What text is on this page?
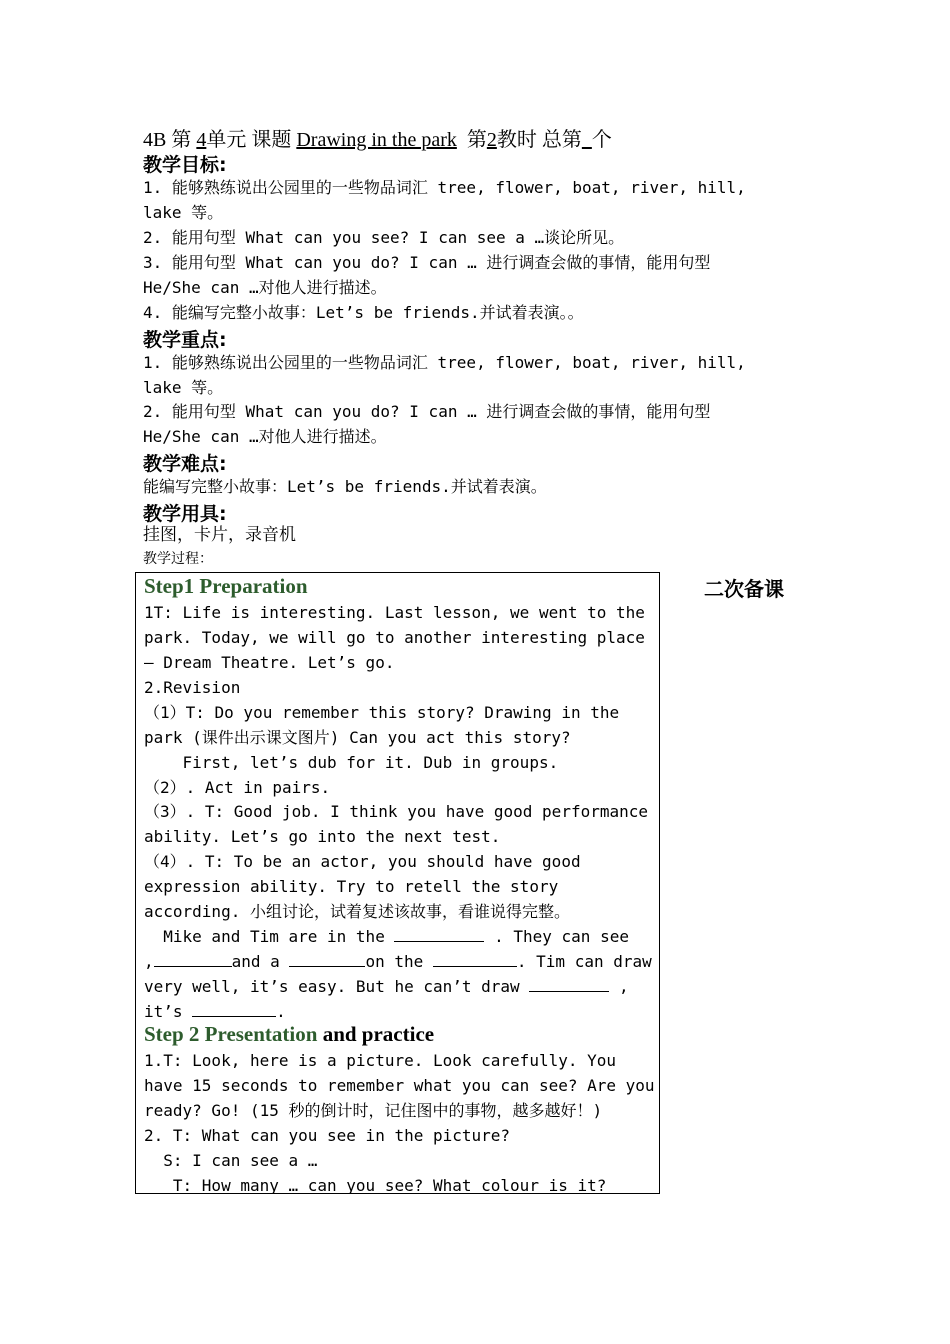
4B 第 4单元 课题 Drawing in the park 第2教时 总第 个
教学目标:
1. 能够熟练说出公园里的一些物品词汇 tree, flower, boat, river, hill,
lake 等。
2. 能用句型 What can you see? I can see a …谈论所见。
3. 能用句型 What can you do? I can … 进行调查会做的事情，能用句型
He/She can …对他人进行描述。
4. 能编写完整小故事：Let’s be friends.并试着表演。。
教学重点:
1. 能够熟练说出公园里的一些物品词汇 tree, flower, boat, river, hill,
lake 等。
2. 能用句型 What can you do? I can … 进行调查会做的事情，能用句型
He/She can …对他人进行描述。
教学难点:
能编写完整小故事：Let’s be friends.并试着表演。
教学用具:
挂图，卡片，录音机
教学过程：
二次备课
Step1 Preparation
1T: Life is interesting. Last lesson, we went to the
park. Today, we will go to another interesting place
– Dream Theatre. Let’s go.
2.Revision
（1）T: Do you remember this story? Drawing in the
park (课件出示课文图片) Can you act this story?
First, let’s dub for it. Dub in groups.
（2）. Act in pairs.
（3）. T: Good job. I think you have good performance
ability. Let’s go into the next test.
（4）. T: To be an actor, you should have good
expression ability. Try to retell the story
according. 小组讨论，试着复述该故事，看谁说得完整。
Mike and Tim are in the	. They can see
,	and a	on the	. Tim can draw
very well, it’s easy. But he can’t draw	,
it’s	.
Step 2 Presentation and practice
1.T: Look, here is a picture. Look carefully. You
have 15 seconds to remember what you can see? Are you
ready? Go! (15 秒的倒计时，记住图中的事物，越多越好！)
2. T: What can you see in the picture?
S: I can see a …
T: How many … can you see? What colour is it?
